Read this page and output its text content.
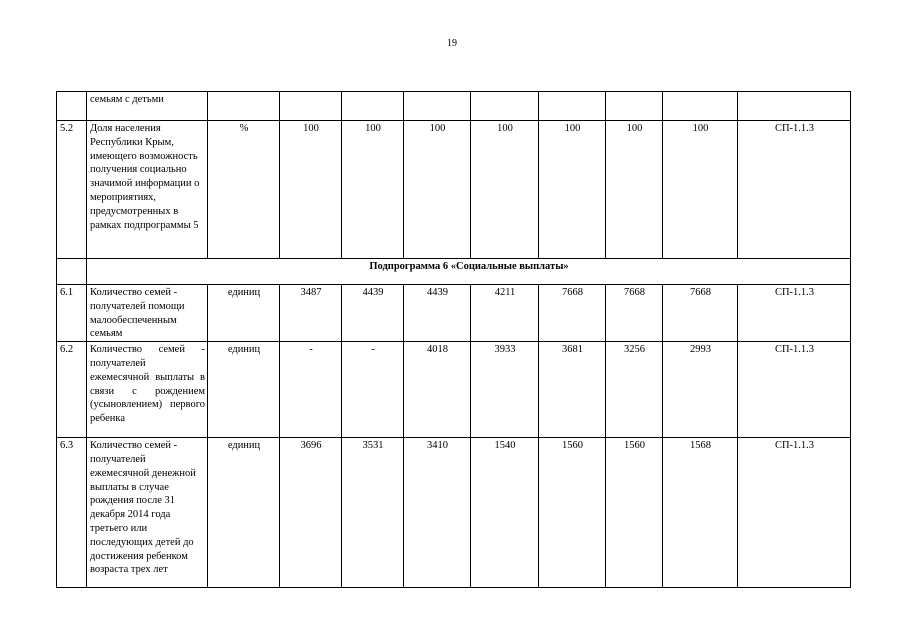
19
	семьям с детьми									
5.2	Доля населения Республики Крым, имеющего возможность получения социально значимой информации о мероприятиях, предусмотренных в рамках подпрограммы 5	%	100	100	100	100	100	100	100	СП-1.1.3
	Подпрограмма 6 «Социальные выплаты»									
6.1	Количество семей - получателей помощи малообеспеченным семьям	единиц	3487	4439	4439	4211	7668	7668	7668	СП-1.1.3
6.2	Количество семей - получателей ежемесячной выплаты в связи с рождением (усыновлением) первого ребенка	единиц	-	-	4018	3933	3681	3256	2993	СП-1.1.3
6.3	Количество семей - получателей ежемесячной денежной выплаты в случае рождения после 31 декабря 2014 года третьего или последующих детей до достижения ребенком возраста трех лет	единиц	3696	3531	3410	1540	1560	1560	1568	СП-1.1.3
